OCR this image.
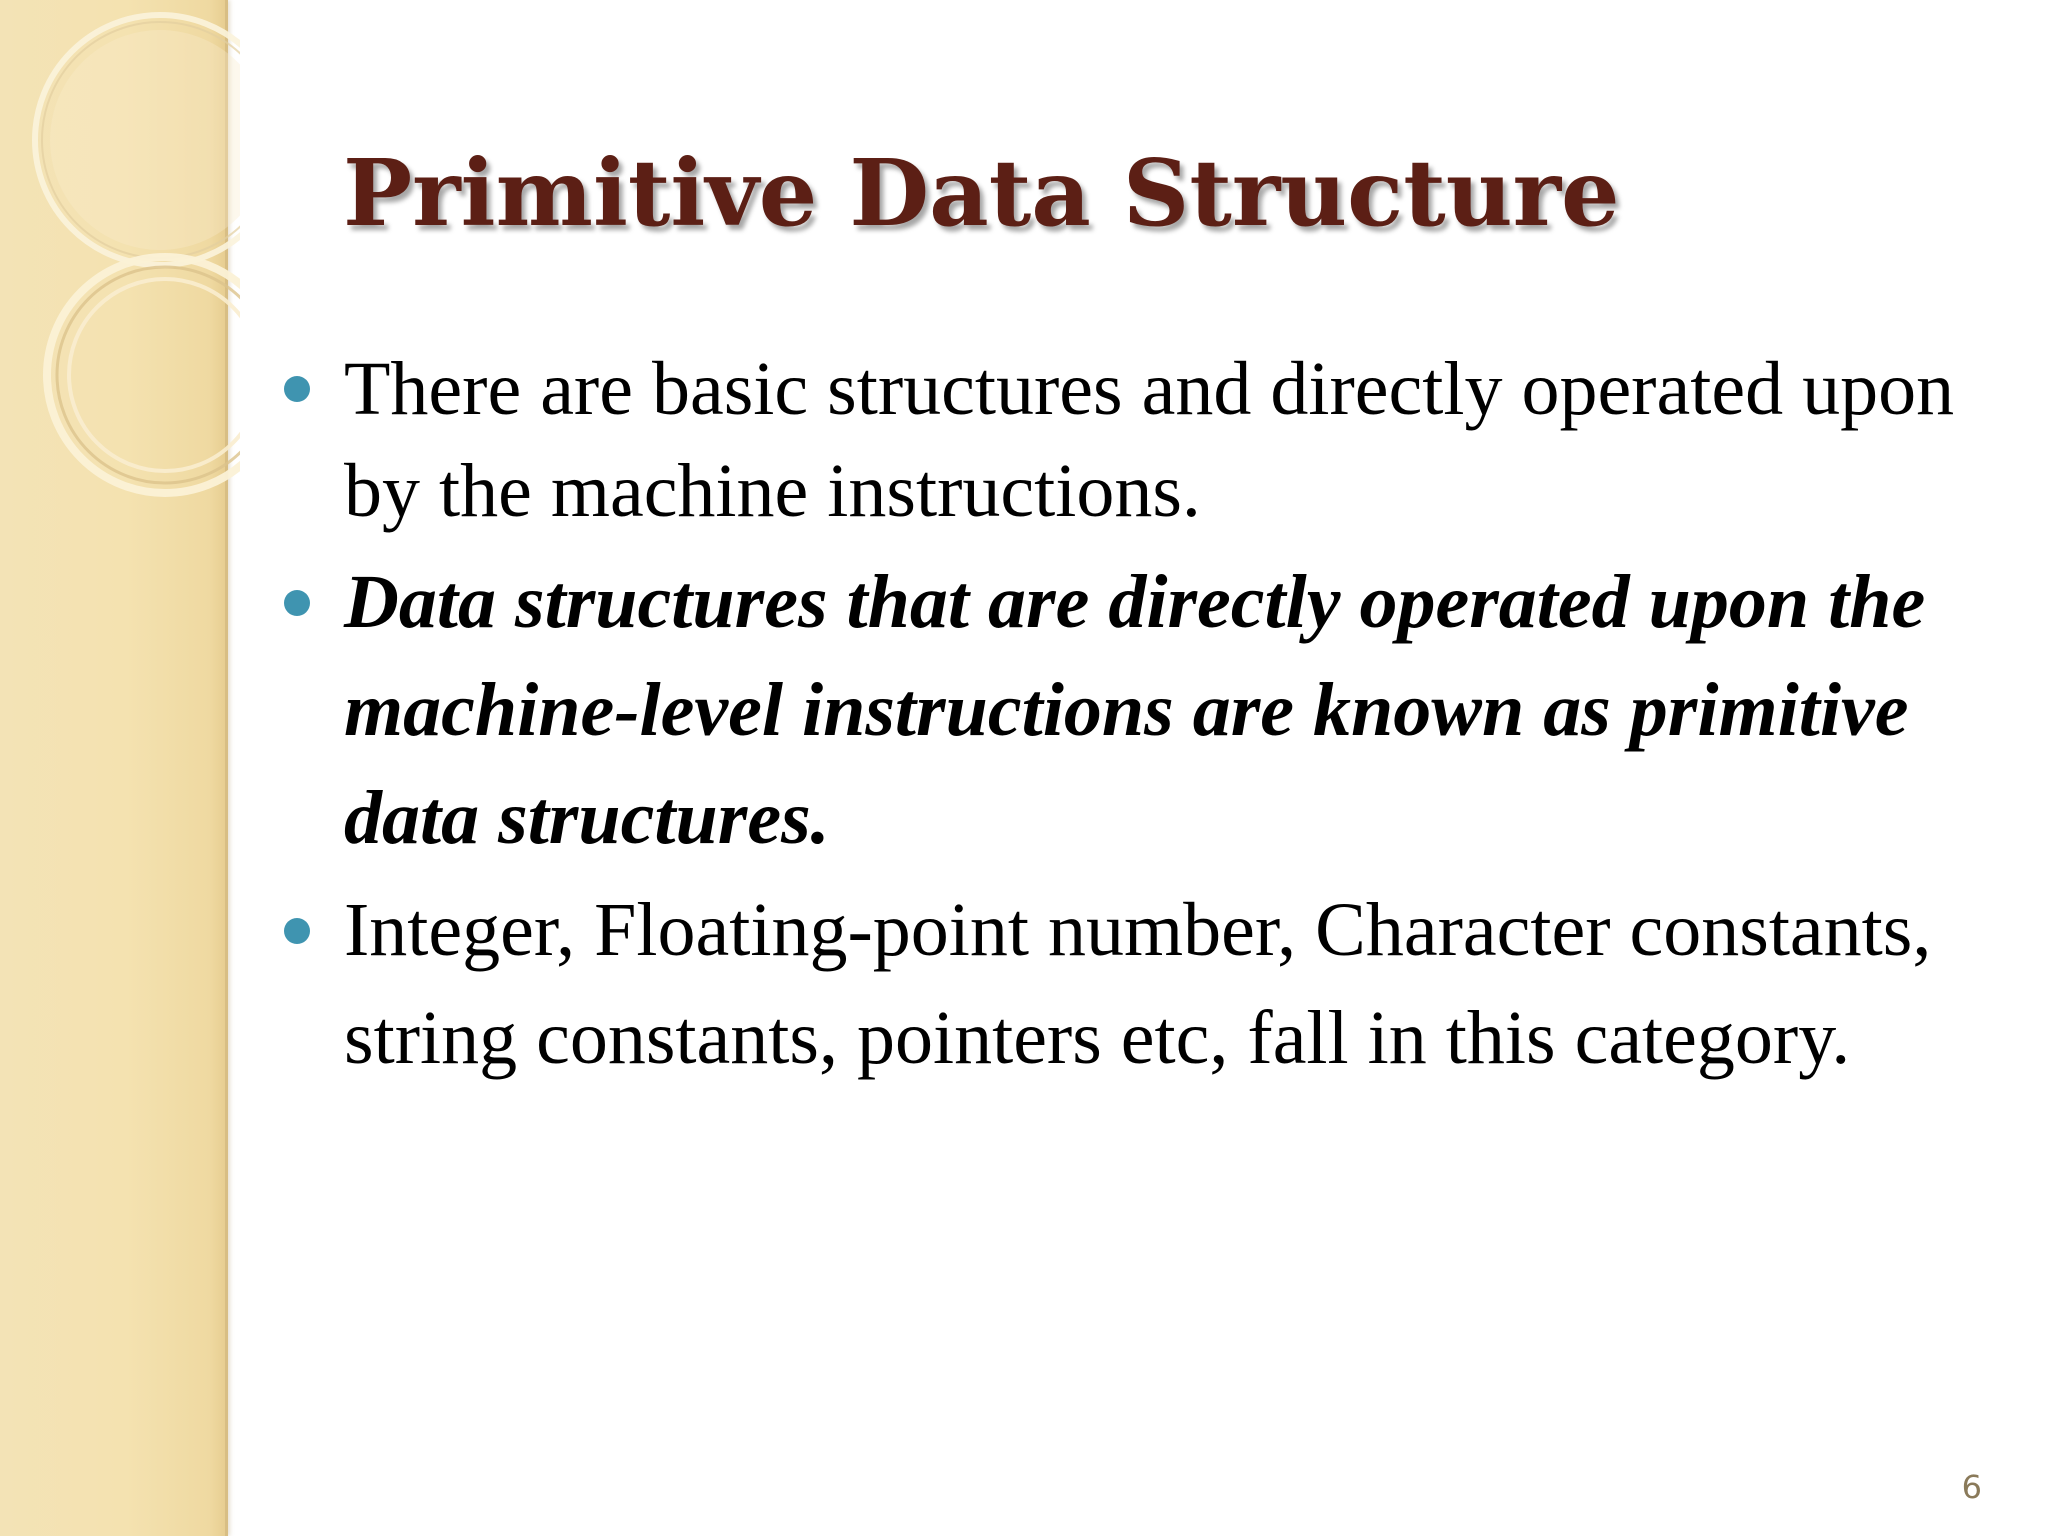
Primitive Data Structure
There are basic structures and directly operated upon by the machine instructions.
Data structures that are directly operated upon the machine-level instructions are known as primitive data structures.
Integer, Floating-point number, Character constants, string constants, pointers etc, fall in this category.
6
